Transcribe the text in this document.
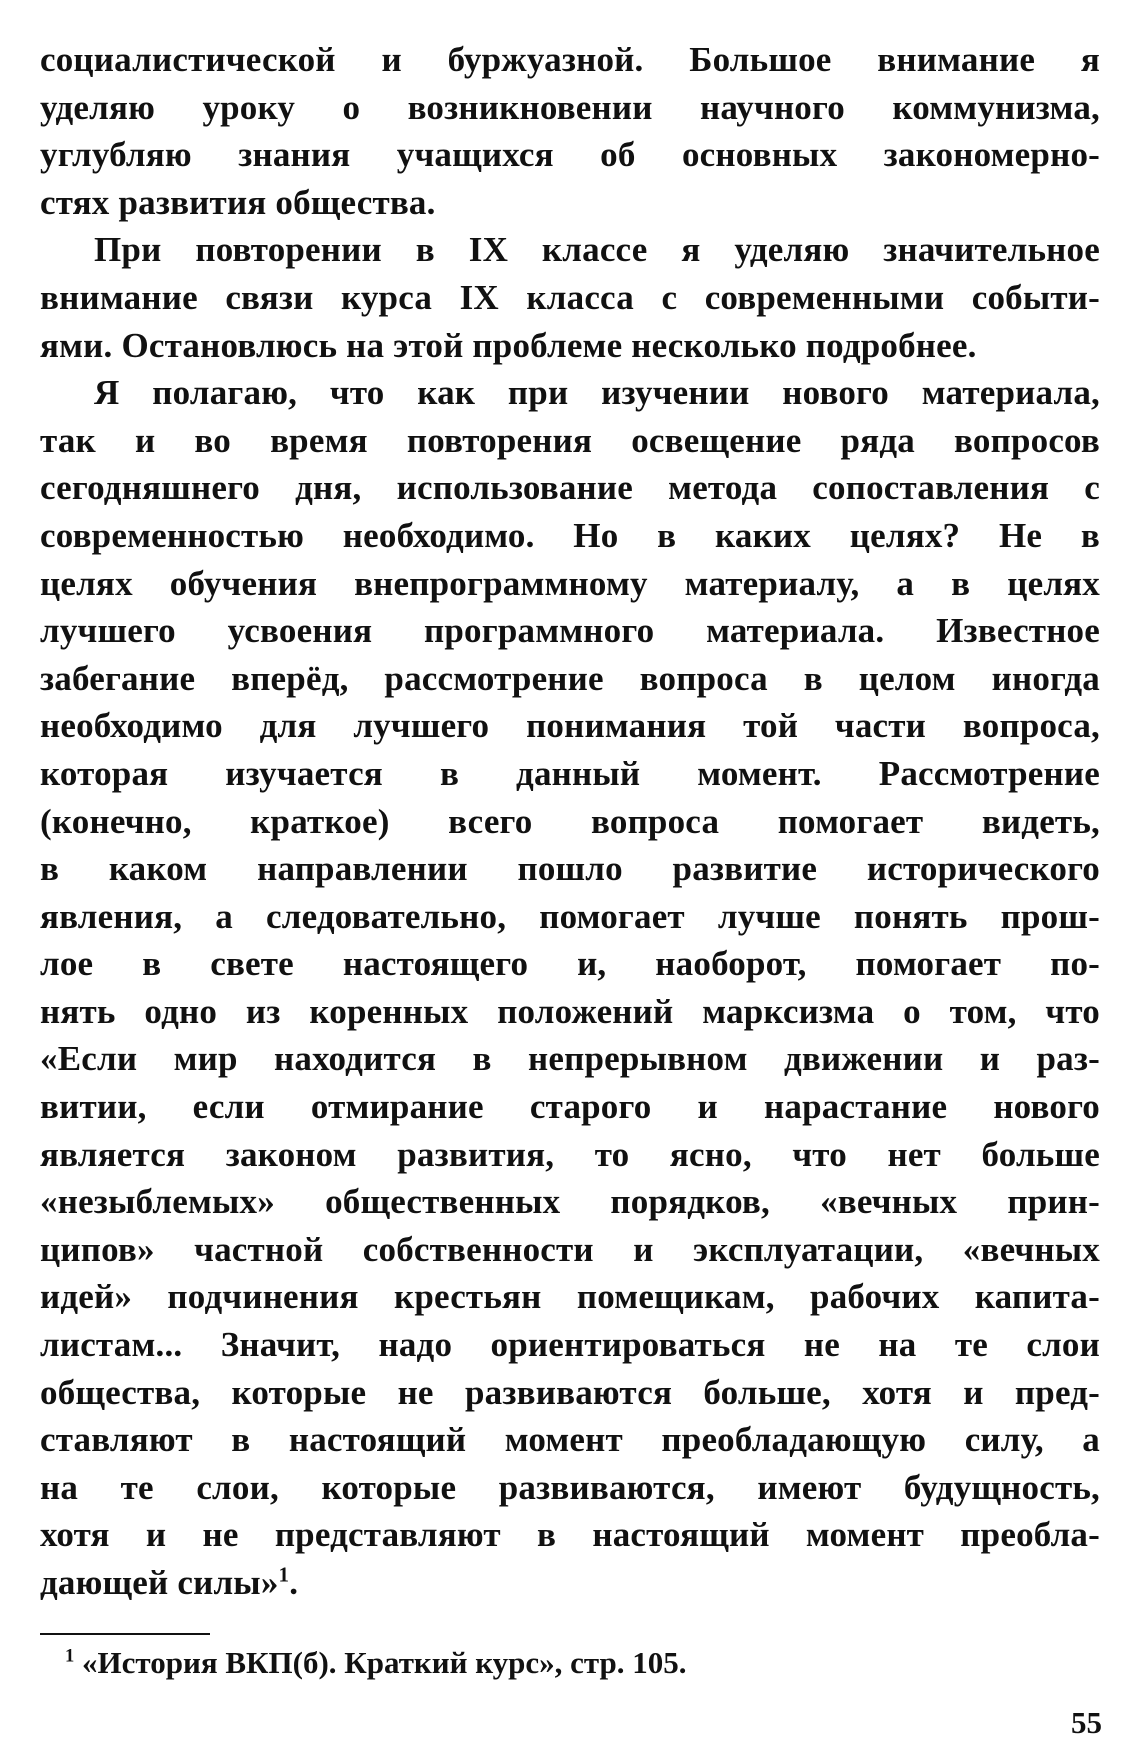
социалистической и буржуазной. Большое внимание я
уделяю уроку о возникновении научного коммунизма,
углубляю знания учащихся об основных закономерно-
стях развития общества.
При повторении в IX классе я уделяю значительное
внимание связи курса IX класса с современными событи-
ями. Остановлюсь на этой проблеме несколько подробнее.
Я полагаю, что как при изучении нового материала,
так и во время повторения освещение ряда вопросов
сегодняшнего дня, использование метода сопоставления с
современностью необходимо. Но в каких целях? Не в
целях обучения внепрограммному материалу, а в целях
лучшего усвоения программного материала. Известное
забегание вперёд, рассмотрение вопроса в целом иногда
необходимо для лучшего понимания той части вопроса,
которая изучается в данный момент. Рассмотрение
(конечно, краткое) всего вопроса помогает видеть,
в каком направлении пошло развитие исторического
явления, а следовательно, помогает лучше понять прош-
лое в свете настоящего и, наоборот, помогает по-
нять одно из коренных положений марксизма о том, что
«Если мир находится в непрерывном движении и раз-
витии, если отмирание старого и нарастание нового
является законом развития, то ясно, что нет больше
«незыблемых» общественных порядков, «вечных прин-
ципов» частной собственности и эксплуатации, «вечных
идей» подчинения крестьян помещикам, рабочих капита-
листам... Значит, надо ориентироваться не на те слои
общества, которые не развиваются больше, хотя и пред-
ставляют в настоящий момент преобладающую силу, а
на те слои, которые развиваются, имеют будущность,
хотя и не представляют в настоящий момент преобла-
дающей силы»$^1$.
$^1$ «История ВКП(б). Краткий курс», стр. 105.
55
